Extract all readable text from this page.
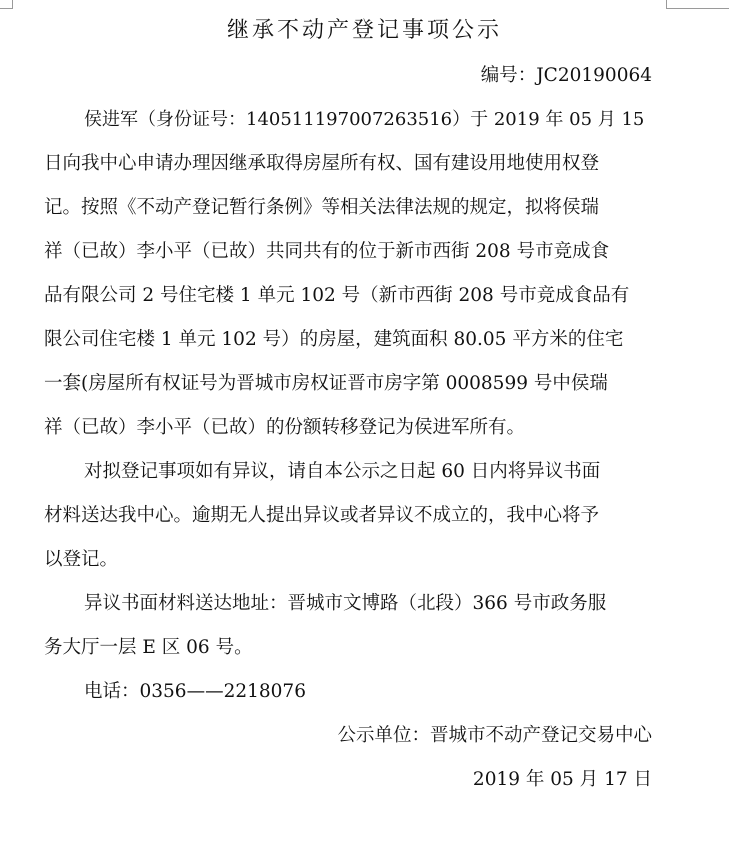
继承不动产登记事项公示
编号：JC20190064
侯进军（身份证号：140511197007263516）于 2019 年 05 月 15
日向我中心申请办理因继承取得房屋所有权、国有建设用地使用权登
记。按照《不动产登记暂行条例》等相关法律法规的规定，拟将侯瑞
祥（已故）李小平（已故）共同共有的位于新市西街 208 号市竞成食
品有限公司 2 号住宅楼 1 单元 102 号（新市西街 208 号市竞成食品有
限公司住宅楼 1 单元 102 号）的房屋，建筑面积 80.05 平方米的住宅
一套(房屋所有权证号为晋城市房权证晋市房字第 0008599 号中侯瑞
祥（已故）李小平（已故）的份额转移登记为侯进军所有。
对拟登记事项如有异议，请自本公示之日起 60 日内将异议书面
材料送达我中心。逾期无人提出异议或者异议不成立的，我中心将予
以登记。
异议书面材料送达地址：晋城市文博路（北段）366 号市政务服
务大厅一层 E 区 06 号。
电话：0356——2218076
公示单位：晋城市不动产登记交易中心
2019 年 05 月 17 日
